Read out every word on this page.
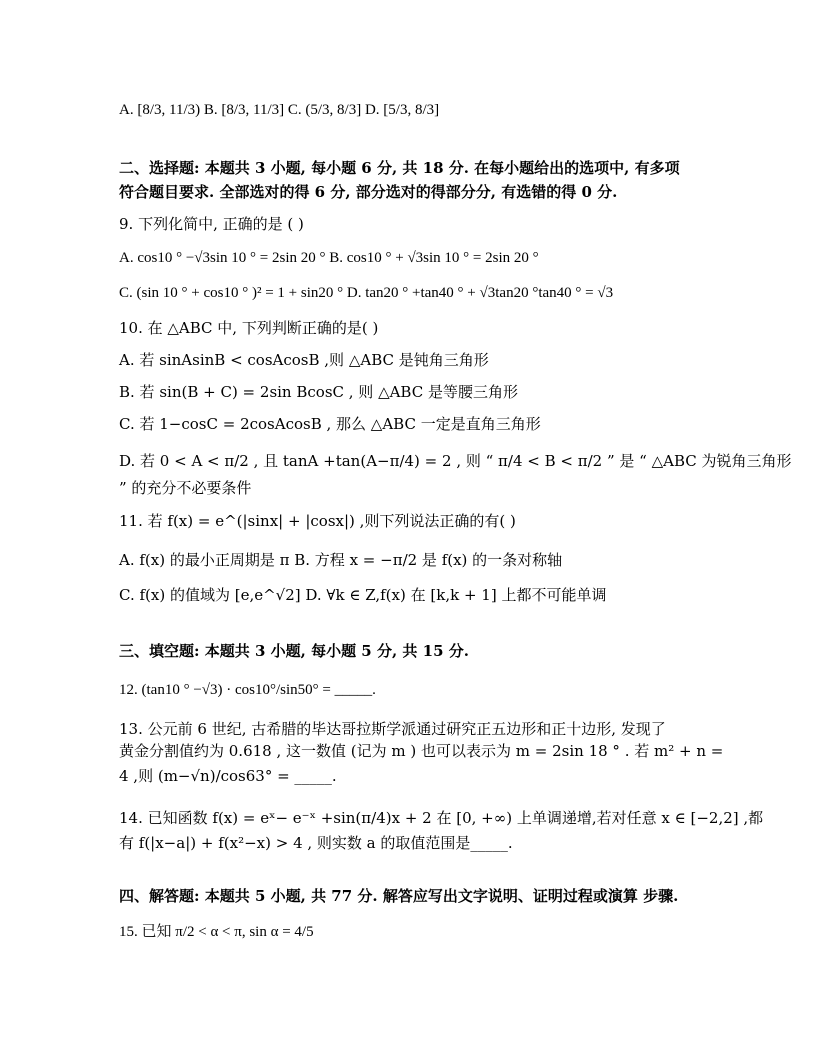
A. [8/3, 11/3) B. [8/3, 11/3] C. (5/3, 8/3] D. [5/3, 8/3]
二、选择题: 本题共 3 小题, 每小题 6 分, 共 18 分. 在每小题给出的选项中, 有多项
符合题目要求. 全部选对的得 6 分, 部分选对的得部分分, 有选错的得 0 分.
9. 下列化简中, 正确的是 ( )
A. cos10 ° −√3sin 10 ° = 2sin 20 ° B. cos10 ° + √3sin 10 ° = 2sin 20 °
C. (sin 10 ° + cos10 ° )² = 1 + sin20 ° D. tan20 ° +tan40 ° + √3tan20 °tan40 ° = √3
10. 在 △ABC 中, 下列判断正确的是( )
A. 若 sinAsinB < cosAcosB ,则 △ABC 是钝角三角形
B. 若 sin(B + C) = 2sin BcosC , 则 △ABC 是等腰三角形
C. 若 1−cosC = 2cosAcosB , 那么 △ABC 一定是直角三角形
D. 若 0 < A < π/2 , 且 tanA +tan(A−π/4) = 2 , 则 “ π/4 < B < π/2 ” 是 “ △ABC 为锐角三角形
” 的充分不必要条件
11. 若 f(x) = e^(|sinx| + |cosx|) ,则下列说法正确的有( )
A. f(x) 的最小正周期是 π B. 方程 x = −π/2 是 f(x) 的一条对称轴
C. f(x) 的值域为 [e,e^√2] D. ∀k ∈ Z,f(x) 在 [k,k + 1] 上都不可能单调
三、填空题: 本题共 3 小题, 每小题 5 分, 共 15 分.
12. (tan10 ° −√3) · cos10°/sin50° = _____.
13. 公元前 6 世纪, 古希腊的毕达哥拉斯学派通过研究正五边形和正十边形, 发现了
黄金分割值约为 0.618 , 这一数值 (记为 m ) 也可以表示为 m = 2sin 18 ° . 若 m² + n =
4 ,则 (m−√n)/cos63° = _____.
14. 已知函数 f(x) = eˣ− e⁻ˣ +sin(π/4)x + 2 在 [0, +∞) 上单调递增,若对任意 x ∈ [−2,2] ,都
有 f(|x−a|) + f(x²−x) > 4 , 则实数 a 的取值范围是_____.
四、解答题: 本题共 5 小题, 共 77 分. 解答应写出文字说明、证明过程或演算 步骤.
15. 已知 π/2 < α < π, sin α = 4/5
